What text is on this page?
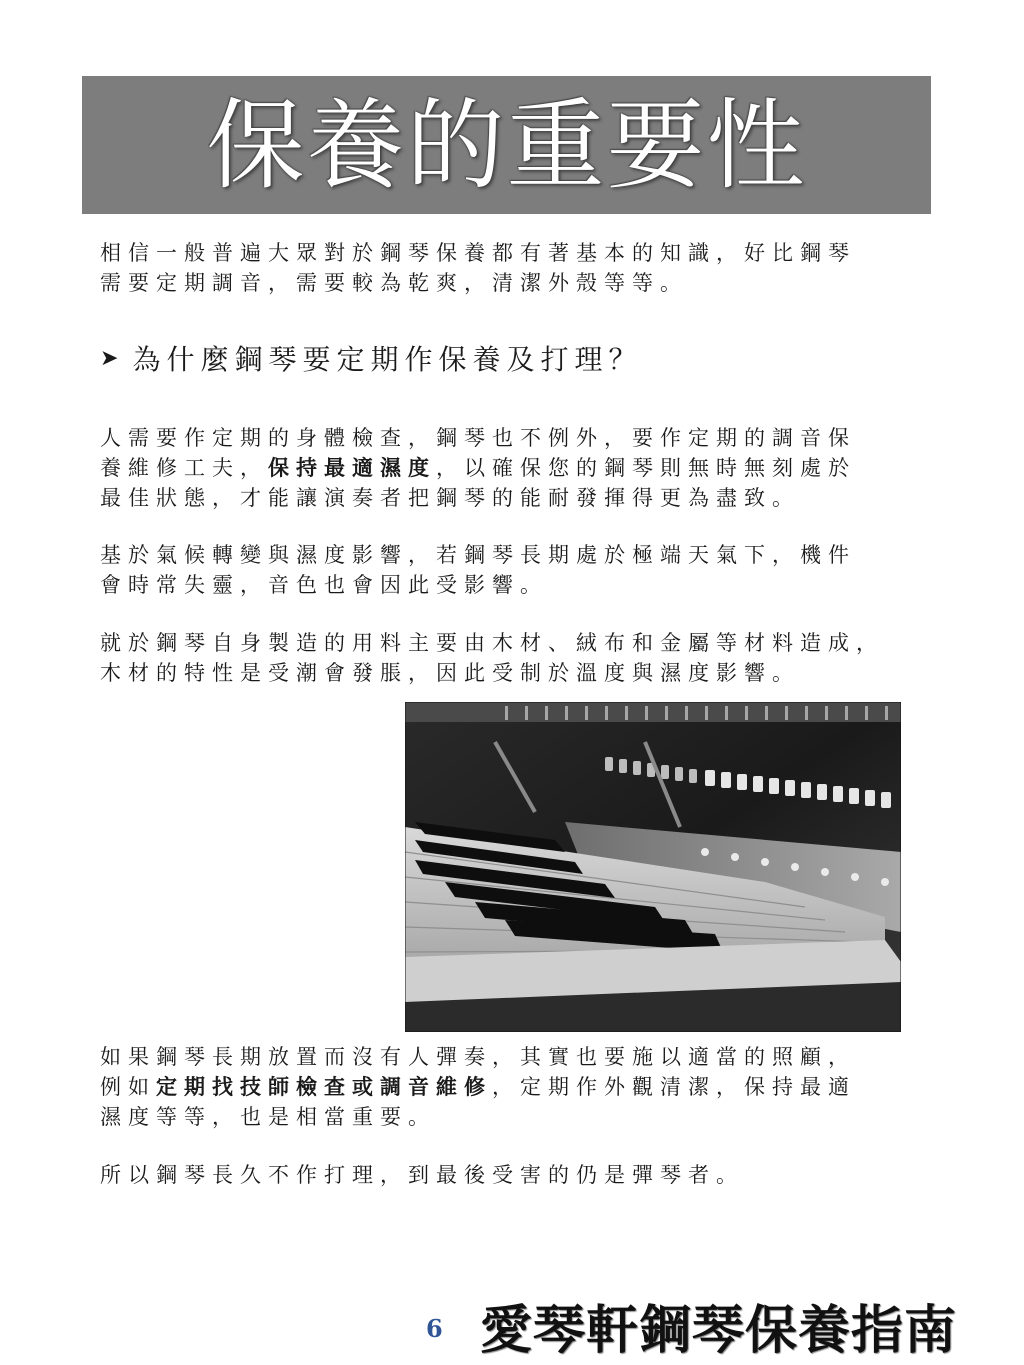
保養的重要性

相信一般普遍大眾對於鋼琴保養都有著基本的知識，好比鋼琴
需要定期調音，需要較為乾爽，清潔外殼等等。

➤ 為什麼鋼琴要定期作保養及打理？

人需要作定期的身體檢查，鋼琴也不例外，要作定期的調音保
養維修工夫，保持最適濕度，以確保您的鋼琴則無時無刻處於
最佳狀態，才能讓演奏者把鋼琴的能耐發揮得更為盡致。

基於氣候轉變與濕度影響，若鋼琴長期處於極端天氣下，機件
會時常失靈，音色也會因此受影響。

就於鋼琴自身製造的用料主要由木材、絨布和金屬等材料造成，
木材的特性是受潮會發脹，因此受制於溫度與濕度影響。

如果鋼琴長期放置而沒有人彈奏，其實也要施以適當的照顧，
例如定期找技師檢查或調音維修，定期作外觀清潔，保持最適
濕度等等，也是相當重要。

所以鋼琴長久不作打理，到最後受害的仍是彈琴者。

6 愛琴軒鋼琴保養指南
